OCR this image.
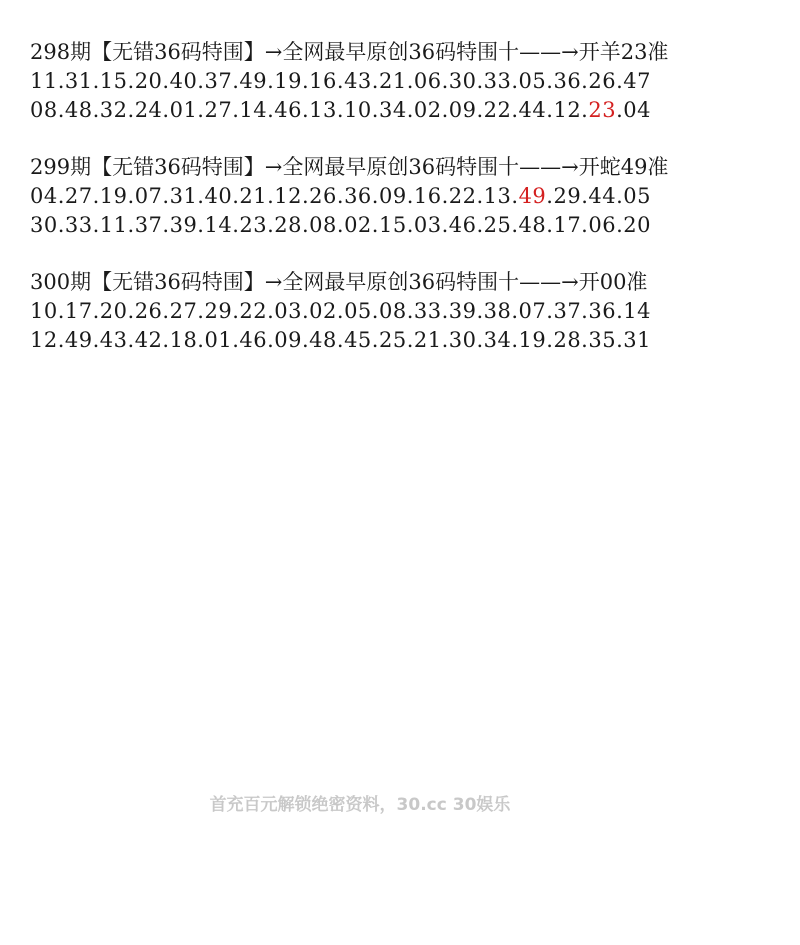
298期【无错36码特围】→全网最早原创36码特围十——→开羊23准
11.31.15.20.40.37.49.19.16.43.21.06.30.33.05.36.26.47
08.48.32.24.01.27.14.46.13.10.34.02.09.22.44.12.23.04
299期【无错36码特围】→全网最早原创36码特围十——→开蛇49准
04.27.19.07.31.40.21.12.26.36.09.16.22.13.49.29.44.05
30.33.11.37.39.14.23.28.08.02.15.03.46.25.48.17.06.20
300期【无错36码特围】→全网最早原创36码特围十——→开00准
10.17.20.26.27.29.22.03.02.05.08.33.39.38.07.37.36.14
12.49.43.42.18.01.46.09.48.45.25.21.30.34.19.28.35.31
首充百元解锁绝密资料，30.cc 30娱乐
